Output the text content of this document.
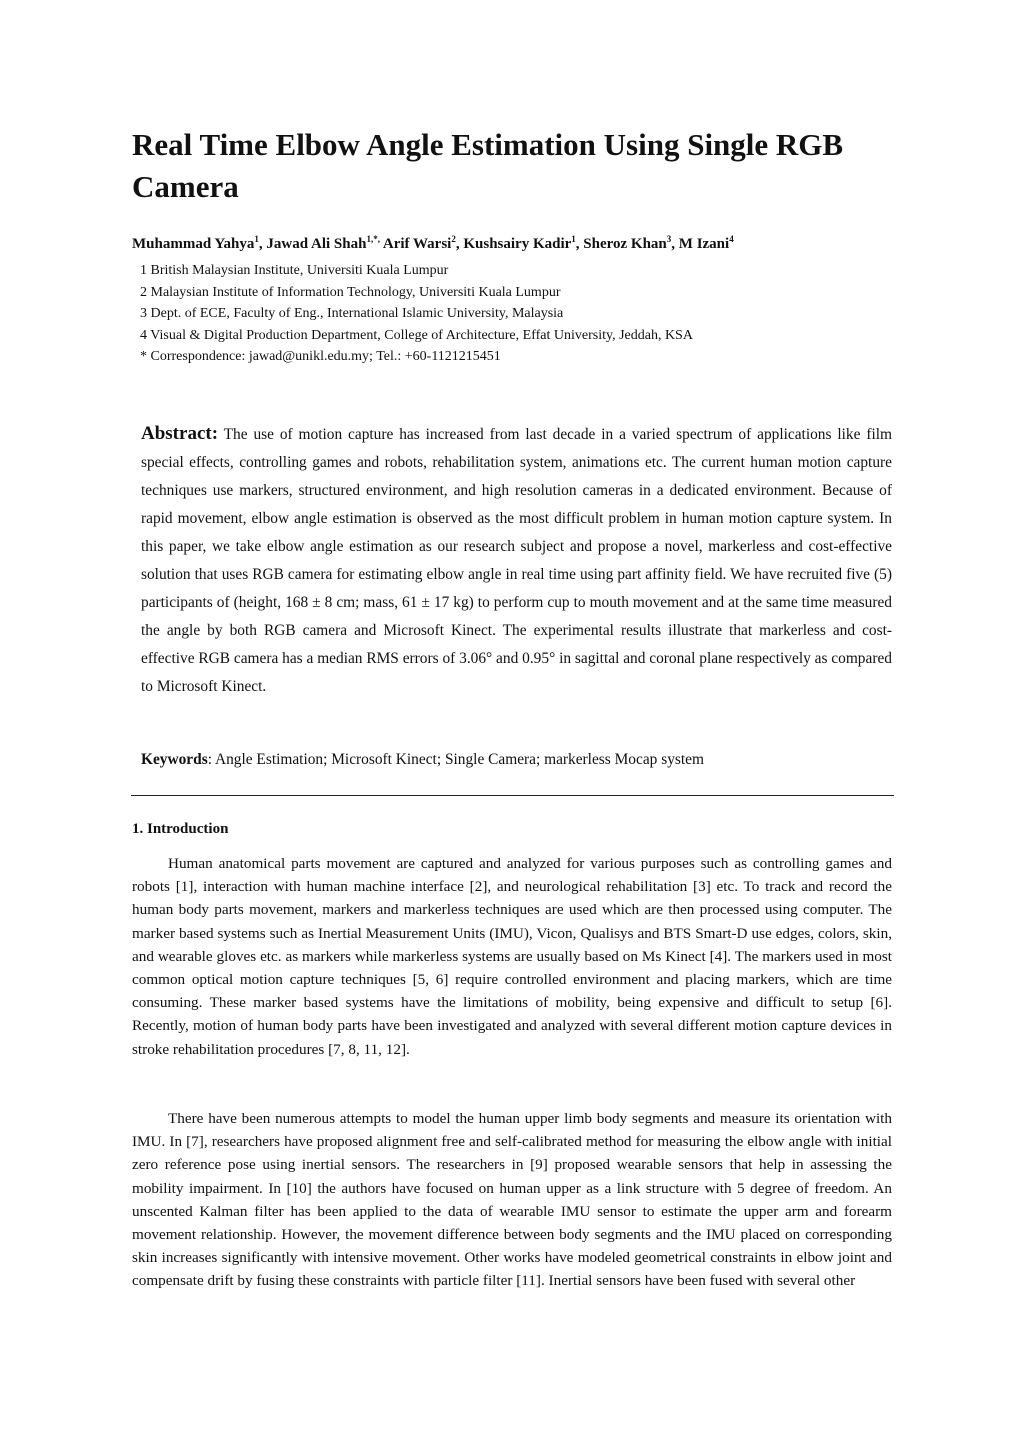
Real Time Elbow Angle Estimation Using Single RGB Camera
Muhammad Yahya$^1$, Jawad Ali Shah$^{1,*,}$ Arif Warsi$^2$, Kushsairy Kadir$^1$, Sheroz Khan$^3$, M Izani$^4$
1 British Malaysian Institute, Universiti Kuala Lumpur
2 Malaysian Institute of Information Technology, Universiti Kuala Lumpur
3 Dept. of ECE, Faculty of Eng., International Islamic University, Malaysia
4 Visual & Digital Production Department, College of Architecture, Effat University, Jeddah, KSA
* Correspondence: jawad@unikl.edu.my; Tel.: +60-1121215451

Abstract: The use of motion capture has increased from last decade in a varied spectrum of applications like film special effects, controlling games and robots, rehabilitation system, animations etc. The current human motion capture techniques use markers, structured environment, and high resolution cameras in a dedicated environment. Because of rapid movement, elbow angle estimation is observed as the most difficult problem in human motion capture system. In this paper, we take elbow angle estimation as our research subject and propose a novel, markerless and cost-effective solution that uses RGB camera for estimating elbow angle in real time using part affinity field. We have recruited five (5) participants of (height, 168 ± 8 cm; mass, 61 ± 17 kg) to perform cup to mouth movement and at the same time measured the angle by both RGB camera and Microsoft Kinect. The experimental results illustrate that markerless and cost-effective RGB camera has a median RMS errors of 3.06° and 0.95° in sagittal and coronal plane respectively as compared to Microsoft Kinect.

Keywords: Angle Estimation; Microsoft Kinect; Single Camera; markerless Mocap system
1. Introduction

Human anatomical parts movement are captured and analyzed for various purposes such as controlling games and robots [1], interaction with human machine interface [2], and neurological rehabilitation [3] etc. To track and record the human body parts movement, markers and markerless techniques are used which are then processed using computer. The marker based systems such as Inertial Measurement Units (IMU), Vicon, Qualisys and BTS Smart-D use edges, colors, skin, and wearable gloves etc. as markers while markerless systems are usually based on Ms Kinect [4]. The markers used in most common optical motion capture techniques [5, 6] require controlled environment and placing markers, which are time consuming. These marker based systems have the limitations of mobility, being expensive and difficult to setup [6]. Recently, motion of human body parts have been investigated and analyzed with several different motion capture devices in stroke rehabilitation procedures [7, 8, 11, 12].

There have been numerous attempts to model the human upper limb body segments and measure its orientation with IMU. In [7], researchers have proposed alignment free and self-calibrated method for measuring the elbow angle with initial zero reference pose using inertial sensors. The researchers in [9] proposed wearable sensors that help in assessing the mobility impairment. In [10] the authors have focused on human upper as a link structure with 5 degree of freedom. An unscented Kalman filter has been applied to the data of wearable IMU sensor to estimate the upper arm and forearm movement relationship. However, the movement difference between body segments and the IMU placed on corresponding skin increases significantly with intensive movement. Other works have modeled geometrical constraints in elbow joint and compensate drift by fusing these constraints with particle filter [11]. Inertial sensors have been fused with several other
